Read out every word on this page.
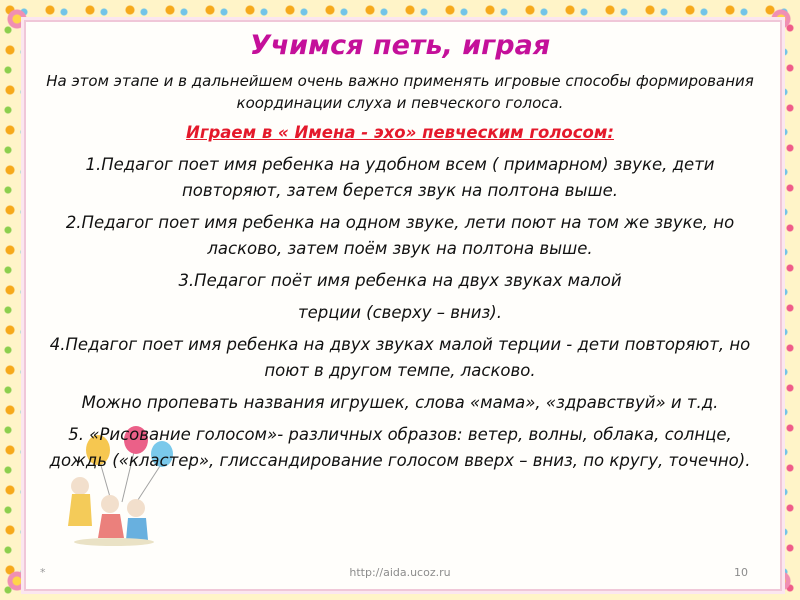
Учимся петь, играя

На этом этапе и в дальнейшем очень важно применять игровые способы формирования координации слуха и певческого голоса.

Играем в « Имена - эхо» певческим голосом:

1.Педагог поет имя ребенка на удобном всем ( примарном) звуке, дети повторяют, затем берется звук на полтона выше.

2.Педагог поет имя ребенка на одном звуке, лети поют на том же звуке, но ласково, затем поём звук на полтона выше.

3.Педагог поёт имя ребенка на двух звуках малой

терции (сверху – вниз).

4.Педагог поет имя ребенка на двух звуках малой терции - дети повторяют, но поют в другом темпе, ласково.

Можно пропевать названия игрушек, слова «мама», «здравствуй» и т.д.

5. «Рисование голосом»- различных образов: ветер, волны, облака, солнце, дождь («кластер», глиссандирование голосом вверх – вниз, по кругу, точечно).

*	http://aida.ucoz.ru	10
